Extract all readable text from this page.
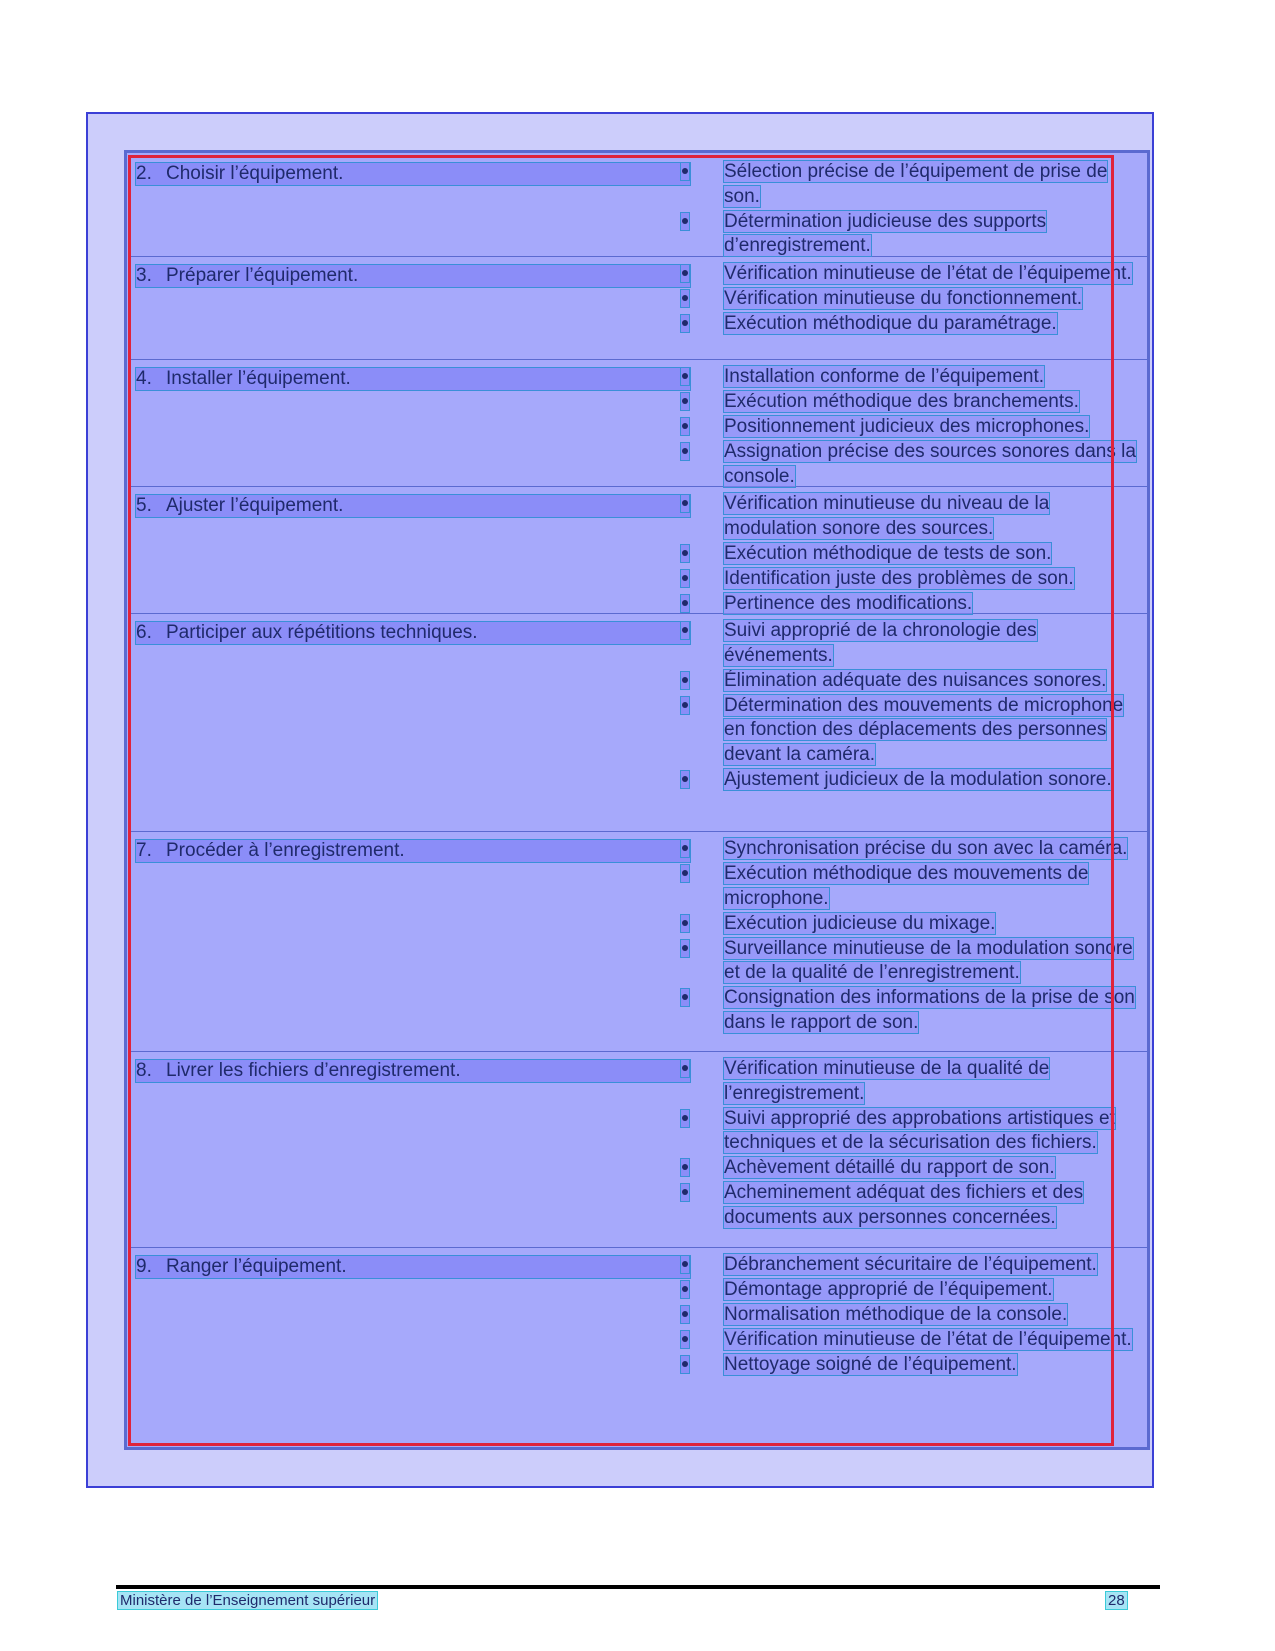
2. Choisir l’équipement.	Sélection précise de l’équipement de prise de son.
Détermination judicieuse des supports d’enregistrement.
3. Préparer l’équipement.	Vérification minutieuse de l’état de l’équipement.
Vérification minutieuse du fonctionnement.
Exécution méthodique du paramétrage.
4. Installer l’équipement.	Installation conforme de l’équipement.
Exécution méthodique des branchements.
Positionnement judicieux des microphones.
Assignation précise des sources sonores dans la console.
5. Ajuster l’équipement.	Vérification minutieuse du niveau de la modulation sonore des sources.
Exécution méthodique de tests de son.
Identification juste des problèmes de son.
Pertinence des modifications.
6. Participer aux répétitions techniques.	Suivi approprié de la chronologie des événements.
Élimination adéquate des nuisances sonores.
Détermination des mouvements de microphone en fonction des déplacements des personnes devant la caméra.
Ajustement judicieux de la modulation sonore.
7. Procéder à l’enregistrement.	Synchronisation précise du son avec la caméra.
Exécution méthodique des mouvements de microphone.
Exécution judicieuse du mixage.
Surveillance minutieuse de la modulation sonore et de la qualité de l’enregistrement.
Consignation des informations de la prise de son dans le rapport de son.
8. Livrer les fichiers d’enregistrement.	Vérification minutieuse de la qualité de l’enregistrement.
Suivi approprié des approbations artistiques et techniques et de la sécurisation des fichiers.
Achèvement détaillé du rapport de son.
Acheminement adéquat des fichiers et des documents aux personnes concernées.
9. Ranger l’équipement.	Débranchement sécuritaire de l’équipement.
Démontage approprié de l’équipement.
Normalisation méthodique de la console.
Vérification minutieuse de l’état de l’équipement.
Nettoyage soigné de l’équipement.
Ministère de l’Enseignement supérieur	28
